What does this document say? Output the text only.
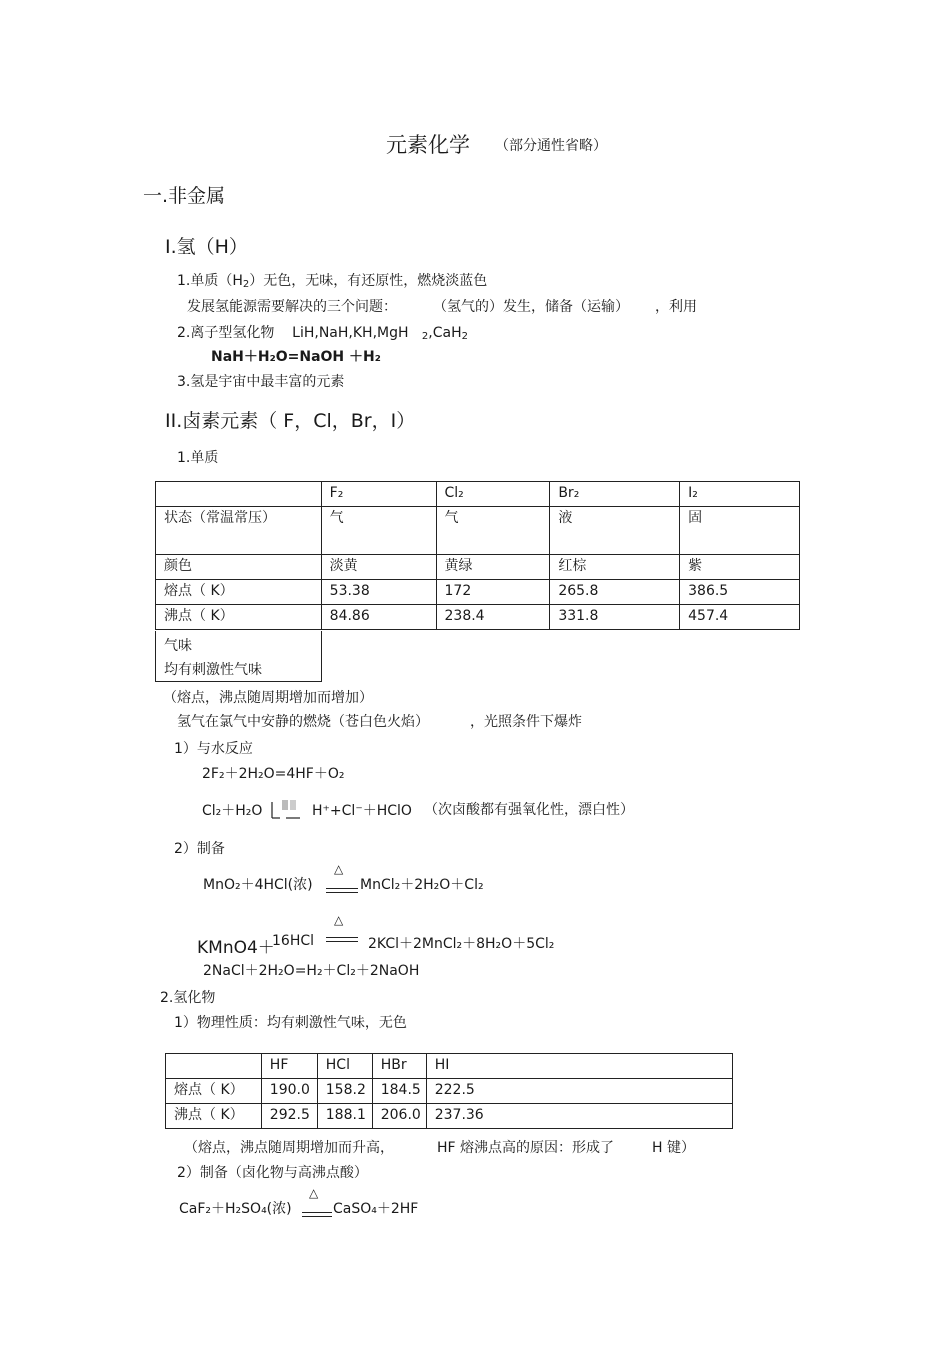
元素化学 （部分通性省略）
一.非金属
I.氢（H）
1.单质$(H_2)$无色，无味，有还原性，燃烧淡蓝色
发展氢能源需要解决的三个问题：	（氢气的）发生，储备（运输） ，利用
2.离子型氢化物 LiH,NaH,KH,MgH $_2$,CaH$_2$
NaH＋H₂O=NaOH ＋H₂
3.氢是宇宙中最丰富的元素
II.卤素元素（ F，Cl，Br，I）
1.单质
	F₂	Cl₂	Br₂	I₂
状态（常温常压）	气	气	液	固
颜色	淡黄	黄绿	红棕	紫
熔点（ K）	53.38	172	265.8	386.5
沸点（ K）	84.86	238.4	331.8	457.4
气味
均有刺激性气味
（熔点，沸点随周期增加而增加）
氢气在氯气中安静的燃烧（苍白色火焰）	，光照条件下爆炸
1）与水反应
2F₂＋2H₂O=4HF＋O₂
Cl₂＋H₂O	H⁺+Cl⁻＋HClO （次卤酸都有强氧化性，漂白性）
2）制备
MnO₂＋4HCl(浓)
△
MnCl₂＋2H₂O＋Cl₂
△
KMnO4＋
16HCl	2KCl＋2MnCl₂＋8H₂O＋5Cl₂
2NaCl＋2H₂O=H₂＋Cl₂＋2NaOH
2.氢化物
1）物理性质：均有刺激性气味，无色
	HF	HCl	HBr	HI
熔点（ K）	190.0	158.2	184.5	222.5
沸点（ K）	292.5	188.1	206.0	237.36
（熔点，沸点随周期增加而升高，	HF 熔沸点高的原因：形成了	H 键）
2）制备（卤化物与高沸点酸）
CaF₂＋H₂SO₄(浓)
△
CaSO₄＋2HF
